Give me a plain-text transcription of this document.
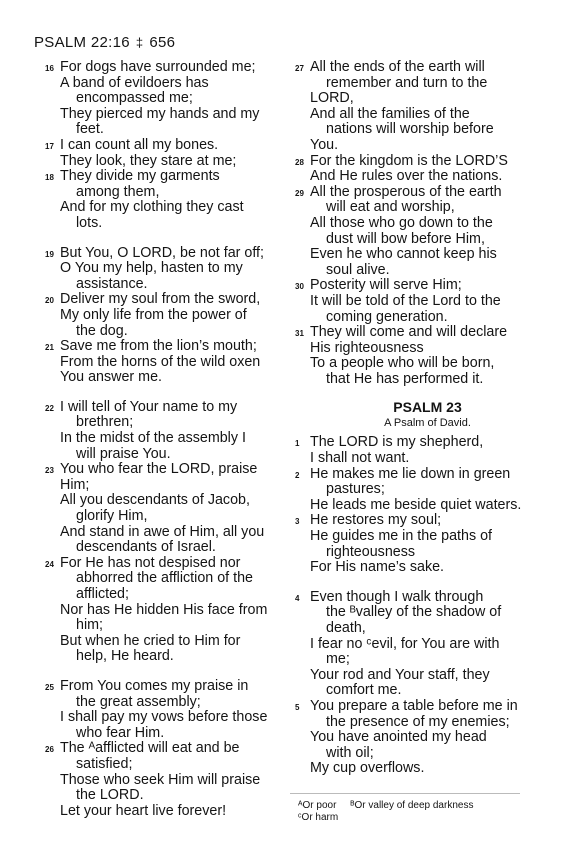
PSALM 22:16 ‡ 656
16 For dogs have surrounded me;
A band of evildoers has
encompassed me;
They pierced my hands and my
feet.
17 I can count all my bones.
They look, they stare at me;
18 They divide my garments
among them,
And for my clothing they cast
lots.
19 But You, O LORD, be not far off;
O You my help, hasten to my
assistance.
20 Deliver my soul from the sword,
My only life from the power of
the dog.
21 Save me from the lion’s mouth;
From the horns of the wild oxen
You answer me.
22 I will tell of Your name to my
brethren;
In the midst of the assembly I
will praise You.
23 You who fear the LORD, praise
Him;
All you descendants of Jacob,
glorify Him,
And stand in awe of Him, all you
descendants of Israel.
24 For He has not despised nor
abhorred the affliction of the
afflicted;
Nor has He hidden His face from
him;
But when he cried to Him for
help, He heard.
25 From You comes my praise in
the great assembly;
I shall pay my vows before those
who fear Him.
26 The ᴬafflicted will eat and be
satisfied;
Those who seek Him will praise
the LORD.
Let your heart live forever!
27 All the ends of the earth will
remember and turn to the
LORD,
And all the families of the
nations will worship before
You.
28 For the kingdom is the LORD’S
And He rules over the nations.
29 All the prosperous of the earth
will eat and worship,
All those who go down to the
dust will bow before Him,
Even he who cannot keep his
soul alive.
30 Posterity will serve Him;
It will be told of the Lord to the
coming generation.
31 They will come and will declare
His righteousness
To a people who will be born,
that He has performed it.
PSALM 23
A Psalm of David.
1 The LORD is my shepherd,
I shall not want.
2 He makes me lie down in green
pastures;
He leads me beside quiet waters.
3 He restores my soul;
He guides me in the paths of
righteousness
For His name’s sake.
4 Even though I walk through
the ᴮvalley of the shadow of
death,
I fear no ᶜevil, for You are with
me;
Your rod and Your staff, they
comfort me.
5 You prepare a table before me in
the presence of my enemies;
You have anointed my head
with oil;
My cup overflows.
ᴬOr poor ᴮOr valley of deep darkness
ᶜOr harm
